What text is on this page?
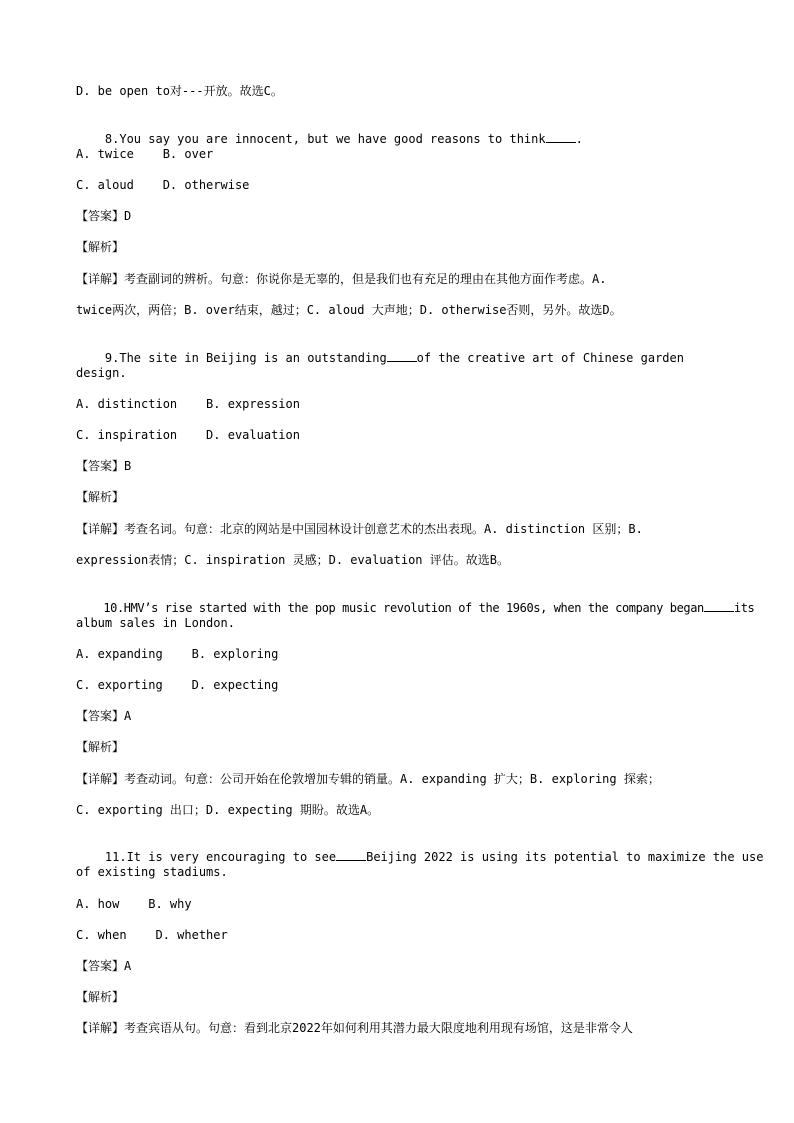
D. be open to对---开放。故选C。

8.You say you are innocent, but we have good reasons to think	.

A. twice    B. over
C. aloud    D. otherwise
【答案】D
【解析】
【详解】考查副词的辨析。句意：你说你是无辜的，但是我们也有充足的理由在其他方面作考虑。A.
twice两次，两倍；B. over结束，越过；C. aloud 大声地；D. otherwise否则，另外。故选D。

9.The site in Beijing is an outstanding	of the creative art of Chinese garden

design.
A. distinction    B. expression
C. inspiration    D. evaluation
【答案】B
【解析】
【详解】考查名词。句意：北京的网站是中国园林设计创意艺术的杰出表现。A. distinction 区别；B.
expression表情；C. inspiration 灵感；D. evaluation 评估。故选B。

10.HMV’s rise started with the pop music revolution of the 1960s, when the company began	its

album sales in London.
A. expanding    B. exploring
C. exporting    D. expecting
【答案】A
【解析】
【详解】考查动词。句意：公司开始在伦敦增加专辑的销量。A. expanding 扩大；B. exploring 探索；
C. exporting 出口；D. expecting 期盼。故选A。

11.It is very encouraging to see	Beijing 2022 is using its potential to maximize the use

of existing stadiums.
A. how    B. why
C. when    D. whether
【答案】A
【解析】
【详解】考查宾语从句。句意：看到北京2022年如何利用其潜力最大限度地利用现有场馆，这是非常令人
